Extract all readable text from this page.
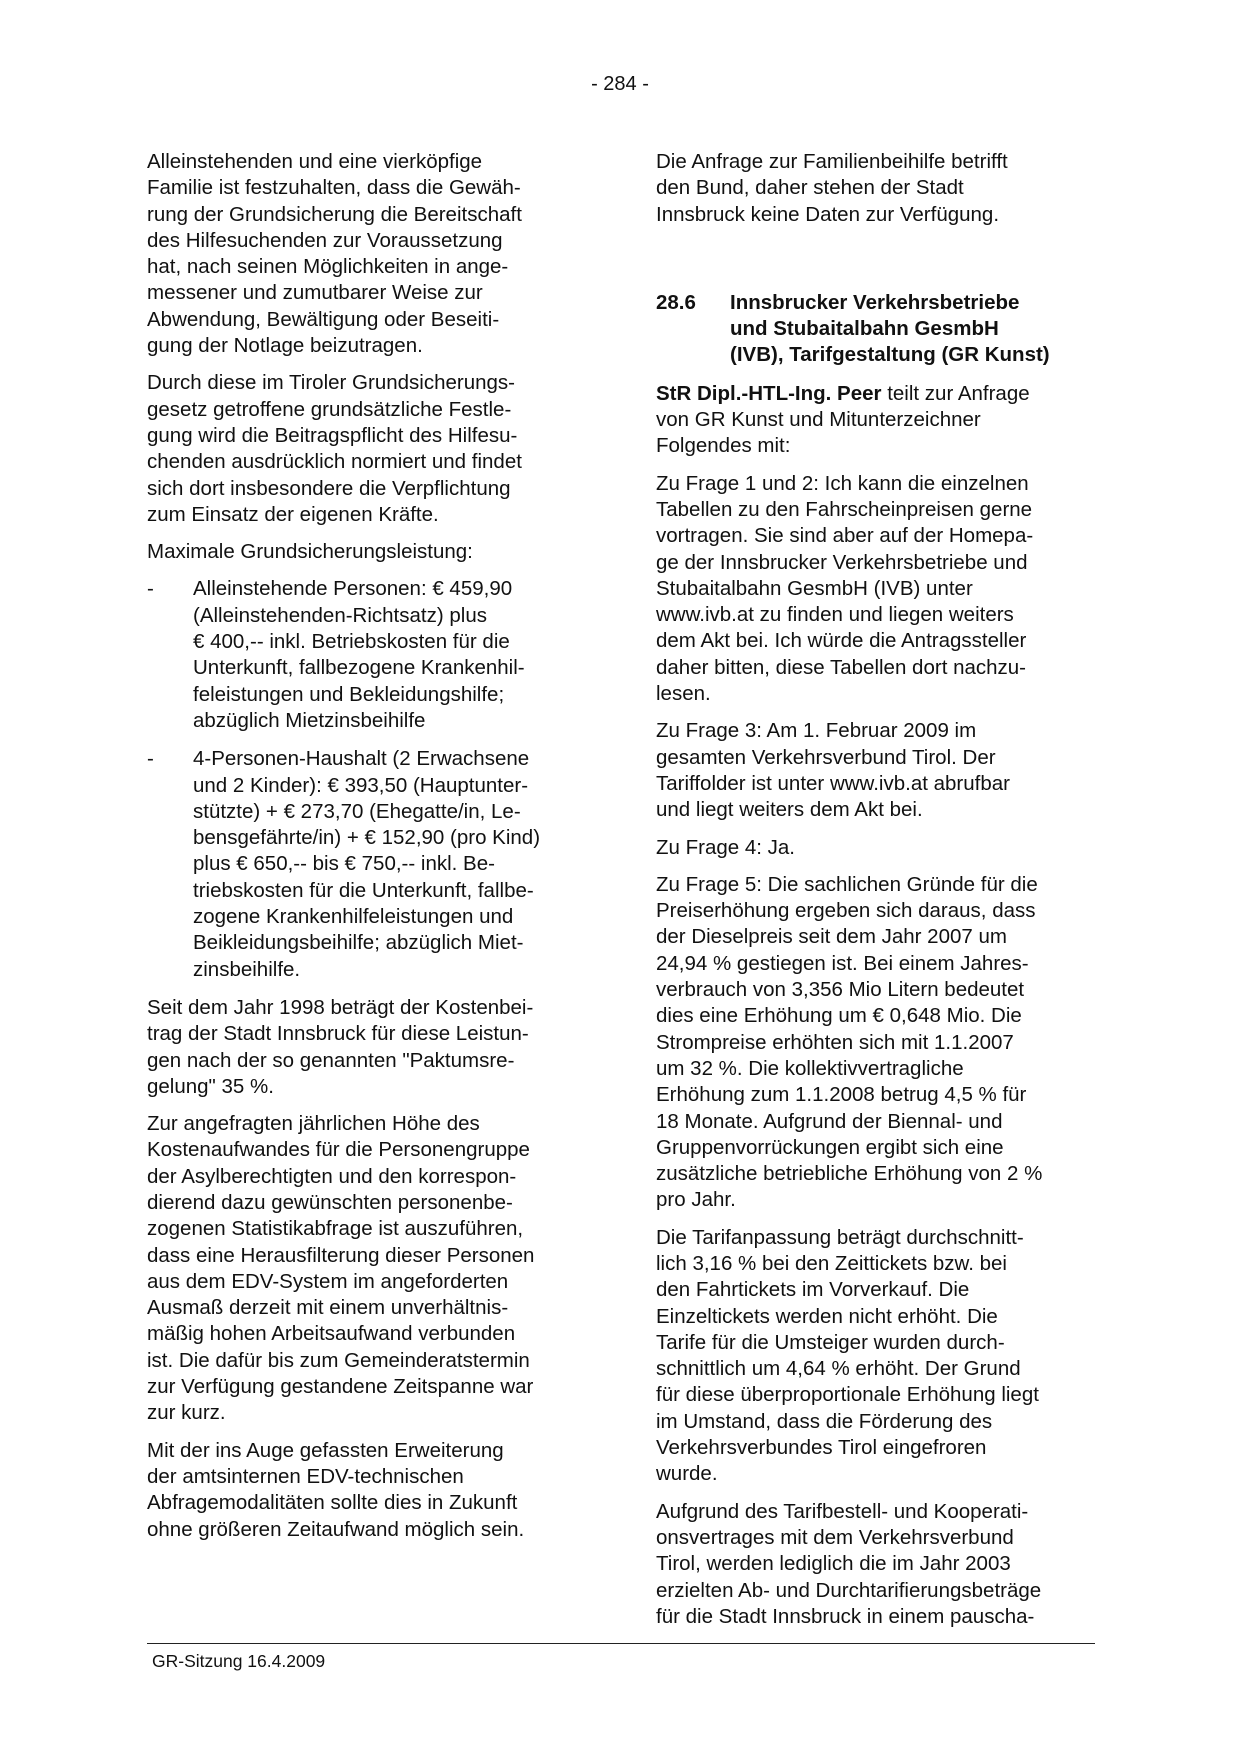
- 284 -

Alleinstehenden und eine vierköpfige
Familie ist festzuhalten, dass die Gewäh-
rung der Grundsicherung die Bereitschaft
des Hilfesuchenden zur Voraussetzung
hat, nach seinen Möglichkeiten in ange-
messener und zumutbarer Weise zur
Abwendung, Bewältigung oder Beseiti-
gung der Notlage beizutragen.

Durch diese im Tiroler Grundsicherungs-
gesetz getroffene grundsätzliche Festle-
gung wird die Beitragspflicht des Hilfesu-
chenden ausdrücklich normiert und findet
sich dort insbesondere die Verpflichtung
zum Einsatz der eigenen Kräfte.

Maximale Grundsicherungsleistung:

-	Alleinstehende Personen: € 459,90
(Alleinstehenden-Richtsatz) plus
€ 400,-- inkl. Betriebskosten für die
Unterkunft, fallbezogene Krankenhil-
feleistungen und Bekleidungshilfe;
abzüglich Mietzinsbeihilfe
-	4-Personen-Haushalt (2 Erwachsene
und 2 Kinder): € 393,50 (Hauptunter-
stützte) + € 273,70 (Ehegatte/in, Le-
bensgefährte/in) + € 152,90 (pro Kind)
plus € 650,-- bis € 750,-- inkl. Be-
triebskosten für die Unterkunft, fallbe-
zogene Krankenhilfeleistungen und
Beikleidungsbeihilfe; abzüglich Miet-
zinsbeihilfe.

Seit dem Jahr 1998 beträgt der Kostenbei-
trag der Stadt Innsbruck für diese Leistun-
gen nach der so genannten "Paktumsre-
gelung" 35 %.

Zur angefragten jährlichen Höhe des
Kostenaufwandes für die Personengruppe
der Asylberechtigten und den korrespon-
dierend dazu gewünschten personenbe-
zogenen Statistikabfrage ist auszuführen,
dass eine Herausfilterung dieser Personen
aus dem EDV-System im angeforderten
Ausmaß derzeit mit einem unverhältnis-
mäßig hohen Arbeitsaufwand verbunden
ist. Die dafür bis zum Gemeinderatstermin
zur Verfügung gestandene Zeitspanne war
zur kurz.

Mit der ins Auge gefassten Erweiterung
der amtsinternen EDV-technischen
Abfragemodalitäten sollte dies in Zukunft
ohne größeren Zeitaufwand möglich sein.

Die Anfrage zur Familienbeihilfe betrifft
den Bund, daher stehen der Stadt
Innsbruck keine Daten zur Verfügung.

28.6	Innsbrucker Verkehrsbetriebe
und Stubaitalbahn GesmbH
(IVB), Tarifgestaltung (GR Kunst)

StR Dipl.-HTL-Ing. Peer teilt zur Anfrage
von GR Kunst und Mitunterzeichner
Folgendes mit:

Zu Frage 1 und 2: Ich kann die einzelnen
Tabellen zu den Fahrscheinpreisen gerne
vortragen. Sie sind aber auf der Homepa-
ge der Innsbrucker Verkehrsbetriebe und
Stubaitalbahn GesmbH (IVB) unter
www.ivb.at zu finden und liegen weiters
dem Akt bei. Ich würde die Antragssteller
daher bitten, diese Tabellen dort nachzu-
lesen.

Zu Frage 3: Am 1. Februar 2009 im
gesamten Verkehrsverbund Tirol. Der
Tariffolder ist unter www.ivb.at abrufbar
und liegt weiters dem Akt bei.

Zu Frage 4: Ja.

Zu Frage 5: Die sachlichen Gründe für die
Preiserhöhung ergeben sich daraus, dass
der Dieselpreis seit dem Jahr 2007 um
24,94 % gestiegen ist. Bei einem Jahres-
verbrauch von 3,356 Mio Litern bedeutet
dies eine Erhöhung um € 0,648 Mio. Die
Strompreise erhöhten sich mit 1.1.2007
um 32 %. Die kollektivvertragliche
Erhöhung zum 1.1.2008 betrug 4,5 % für
18 Monate. Aufgrund der Biennal- und
Gruppenvorrückungen ergibt sich eine
zusätzliche betriebliche Erhöhung von 2 %
pro Jahr.

Die Tarifanpassung beträgt durchschnitt-
lich 3,16 % bei den Zeittickets bzw. bei
den Fahrtickets im Vorverkauf. Die
Einzeltickets werden nicht erhöht. Die
Tarife für die Umsteiger wurden durch-
schnittlich um 4,64 % erhöht. Der Grund
für diese überproportionale Erhöhung liegt
im Umstand, dass die Förderung des
Verkehrsverbundes Tirol eingefroren
wurde.

Aufgrund des Tarifbestell- und Kooperati-
onsvertrages mit dem Verkehrsverbund
Tirol, werden lediglich die im Jahr 2003
erzielten Ab- und Durchtarifierungsbeträge
für die Stadt Innsbruck in einem pauscha-

GR-Sitzung 16.4.2009
